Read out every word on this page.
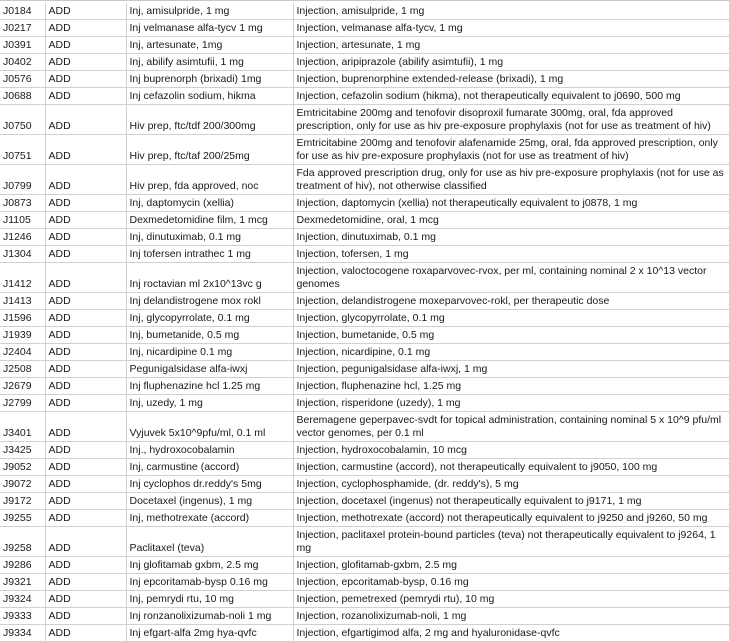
J0184	ADD	Inj, amisulpride, 1 mg	Injection, amisulpride, 1 mg
J0217	ADD	Inj velmanase alfa-tycv 1 mg	Injection, velmanase alfa-tycv, 1 mg
J0391	ADD	Inj, artesunate, 1mg	Injection, artesunate, 1 mg
J0402	ADD	Inj, abilify asimtufii, 1 mg	Injection, aripiprazole (abilify asimtufii), 1 mg
J0576	ADD	Inj buprenorph (brixadi) 1mg	Injection, buprenorphine extended-release (brixadi), 1 mg
J0688	ADD	Inj cefazolin sodium, hikma	Injection, cefazolin sodium (hikma), not therapeutically equivalent to j0690, 500 mg
J0750	ADD	Hiv prep, ftc/tdf 200/300mg	Emtricitabine 200mg and tenofovir disoproxil fumarate 300mg, oral, fda approved prescription, only for use as hiv pre-exposure prophylaxis (not for use as treatment of hiv)
J0751	ADD	Hiv prep, ftc/taf 200/25mg	Emtricitabine 200mg and tenofovir alafenamide 25mg, oral, fda approved prescription, only for use as hiv pre-exposure prophylaxis (not for use as treatment of hiv)
J0799	ADD	Hiv prep, fda approved, noc	Fda approved prescription drug, only for use as hiv pre-exposure prophylaxis (not for use as treatment of hiv), not otherwise classified
J0873	ADD	Inj, daptomycin (xellia)	Injection, daptomycin (xellia) not therapeutically equivalent to j0878, 1 mg
J1105	ADD	Dexmedetomidine film, 1 mcg	Dexmedetomidine, oral, 1 mcg
J1246	ADD	Inj, dinutuximab, 0.1 mg	Injection, dinutuximab, 0.1 mg
J1304	ADD	Inj tofersen intrathec 1 mg	Injection, tofersen, 1 mg
J1412	ADD	Inj roctavian ml 2x10^13vc g	Injection, valoctocogene roxaparvovec-rvox, per ml, containing nominal 2 x 10^13 vector genomes
J1413	ADD	Inj delandistrogene mox rokl	Injection, delandistrogene moxeparvovec-rokl, per therapeutic dose
J1596	ADD	Inj, glycopyrrolate, 0.1 mg	Injection, glycopyrrolate, 0.1 mg
J1939	ADD	Inj, bumetanide, 0.5 mg	Injection, bumetanide, 0.5 mg
J2404	ADD	Inj, nicardipine 0.1 mg	Injection, nicardipine, 0.1 mg
J2508	ADD	Pegunigalsidase alfa-iwxj	Injection, pegunigalsidase alfa-iwxj, 1 mg
J2679	ADD	Inj fluphenazine hcl 1.25 mg	Injection, fluphenazine hcl, 1.25 mg
J2799	ADD	Inj, uzedy, 1 mg	Injection, risperidone (uzedy), 1 mg
J3401	ADD	Vyjuvek 5x10^9pfu/ml, 0.1 ml	Beremagene geperpavec-svdt for topical administration, containing nominal 5 x 10^9 pfu/ml vector genomes, per 0.1 ml
J3425	ADD	Inj., hydroxocobalamin	Injection, hydroxocobalamin, 10 mcg
J9052	ADD	Inj, carmustine (accord)	Injection, carmustine (accord), not therapeutically equivalent to j9050, 100 mg
J9072	ADD	Inj cyclophos dr.reddy's 5mg	Injection, cyclophosphamide, (dr. reddy's), 5 mg
J9172	ADD	Docetaxel (ingenus), 1 mg	Injection, docetaxel (ingenus) not therapeutically equivalent to j9171, 1 mg
J9255	ADD	Inj, methotrexate (accord)	Injection, methotrexate (accord) not therapeutically equivalent to j9250 and j9260, 50 mg
J9258	ADD	Paclitaxel (teva)	Injection, paclitaxel protein-bound particles (teva) not therapeutically equivalent to j9264, 1 mg
J9286	ADD	Inj glofitamab gxbm, 2.5 mg	Injection, glofitamab-gxbm, 2.5 mg
J9321	ADD	Inj epcoritamab-bysp 0.16 mg	Injection, epcoritamab-bysp, 0.16 mg
J9324	ADD	Inj, pemrydi rtu, 10 mg	Injection, pemetrexed (pemrydi rtu), 10 mg
J9333	ADD	Inj ronzanolixizumab-noli 1 mg	Injection, rozanolixizumab-noli, 1 mg
J9334	ADD	Inj efgart-alfa 2mg hya-qvfc	Injection, efgartigimod alfa, 2 mg and hyaluronidase-qvfc
